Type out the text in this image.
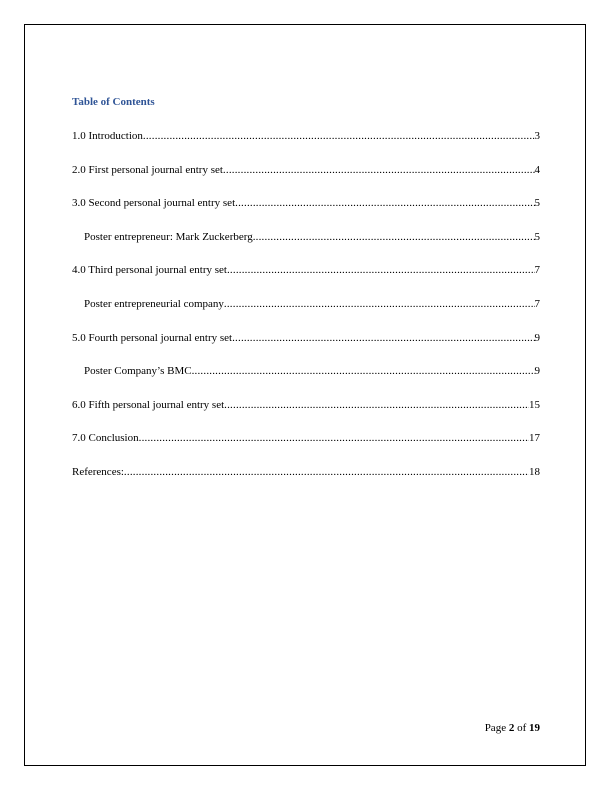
Table of Contents
1.0 Introduction .....	3
2.0 First personal journal entry set .....	4
3.0 Second personal journal entry set .....	5
Poster entrepreneur: Mark Zuckerberg .....	5
4.0 Third personal journal entry set .....	7
Poster entrepreneurial company .....	7
5.0 Fourth personal journal entry set .....	9
Poster Company’s BMC .....	9
6.0 Fifth personal journal entry set .....	15
7.0 Conclusion .....	17
References: .....	18
Page 2 of 19
